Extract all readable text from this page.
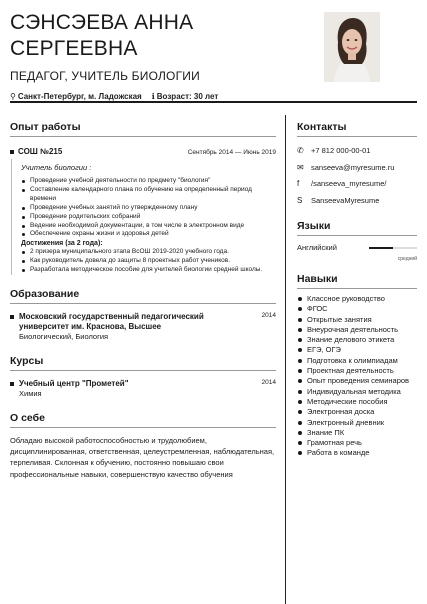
СЭНСЭЕВА АННА
СЕРГЕЕВНА
ПЕДАГОГ, УЧИТЕЛЬ БИОЛОГИИ
⚲ Санкт-Петербург, м. Ладожская ℹ Возраст: 30 лет
Опыт работы
СОШ №215	Сентябрь 2014 — Июнь 2019
Учитель биологии :
Проведение учебной деятельности по предмету "биология"
Составление календарного плана по обучению на определенный период времени
Проведение учебных занятий по утвержденному плану
Проведение родительских собраний
Ведение необходимой документации, в том числе в электронном виде
Обеспечение охраны жизни и здоровья детей
Достижения (за 2 года):
2 призера муниципального этапа ВсОШ 2019-2020 учебного года.
Как руководитель довела до защиты 8 проектных работ учеников.
Разработала методическое пособие для учителей биологии средней школы.
Образование
Московский государственный педагогический университет им. Краснова, Высшее
2014
Биологический, Биология
Курсы
Учебный центр "Прометей"	2014
Химия
О себе
Обладаю высокой работоспособностью и трудолюбием, дисциплинированная, ответственная, целеустремленная, наблюдательная, терпеливая. Склонная к обучению, постоянно повышаю свои профессиональные навыки, совершенствую качество обучения
Контакты
✆ +7 812 000-00-01
✉ sanseeva@myresume.ru
f	/sanseeva_myresume/
S	SanseevaMyresume
Языки
Английский
средний
Навыки
Классное руководство
ФГОС
Открытые занятия
Внеурочная деятельность
Знание делового этикета
ЕГЭ, ОГЭ
Подготовка к олимпиадам
Проектная деятельность
Опыт проведения семинаров
Индивидуальная методика
Методические пособия
Электронная доска
Электронный дневник
Знание ПК
Грамотная речь
Работа в команде
